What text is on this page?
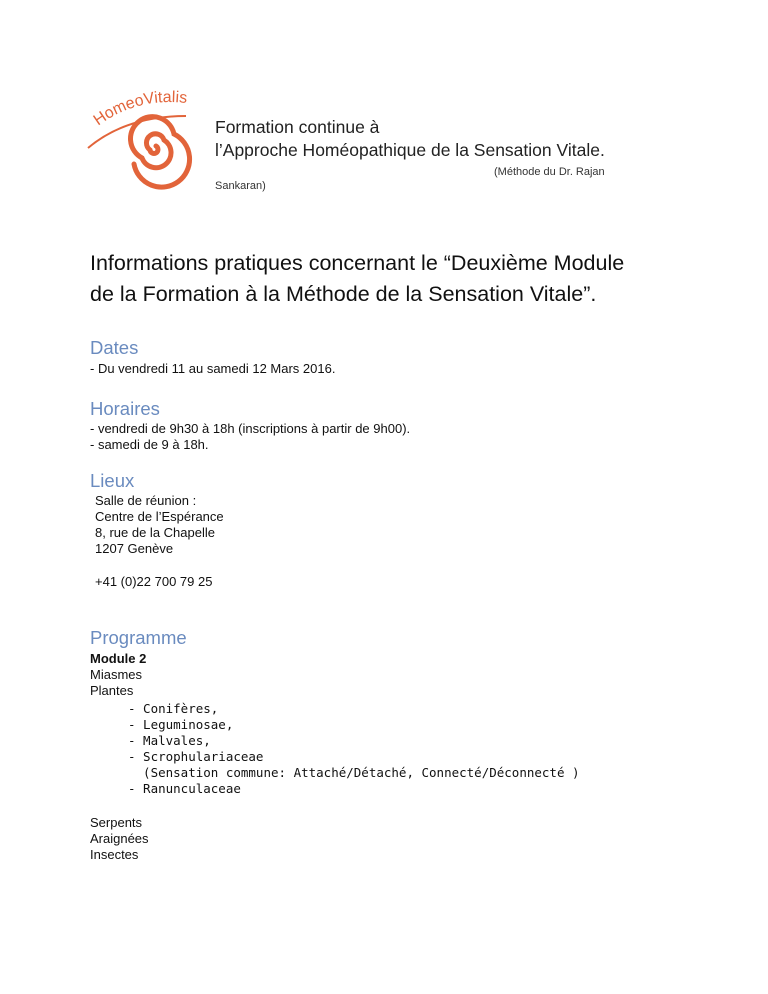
HomeoVitalis
Formation continue à
l’Approche Homéopathique de la Sensation Vitale.
(Méthode du Dr. Rajan
Sankaran)
Informations pratiques concernant le “Deuxième Module
de la Formation à la Méthode de la Sensation Vitale”.
Dates
- Du vendredi 11 au samedi 12 Mars 2016.
Horaires
- vendredi de 9h30 à 18h (inscriptions à partir de 9h00).
- samedi de 9 à 18h.
Lieux
Salle de réunion :
Centre de l’Espérance
8, rue de la Chapelle
1207 Genève
+41 (0)22 700 79 25
Programme
Module 2
Miasmes
Plantes
- Conifères,
- Leguminosae,
- Malvales,
- Scrophulariaceae
(Sensation commune: Attaché/Détaché, Connecté/Déconnecté )
- Ranunculaceae
Serpents
Araignées
Insectes
